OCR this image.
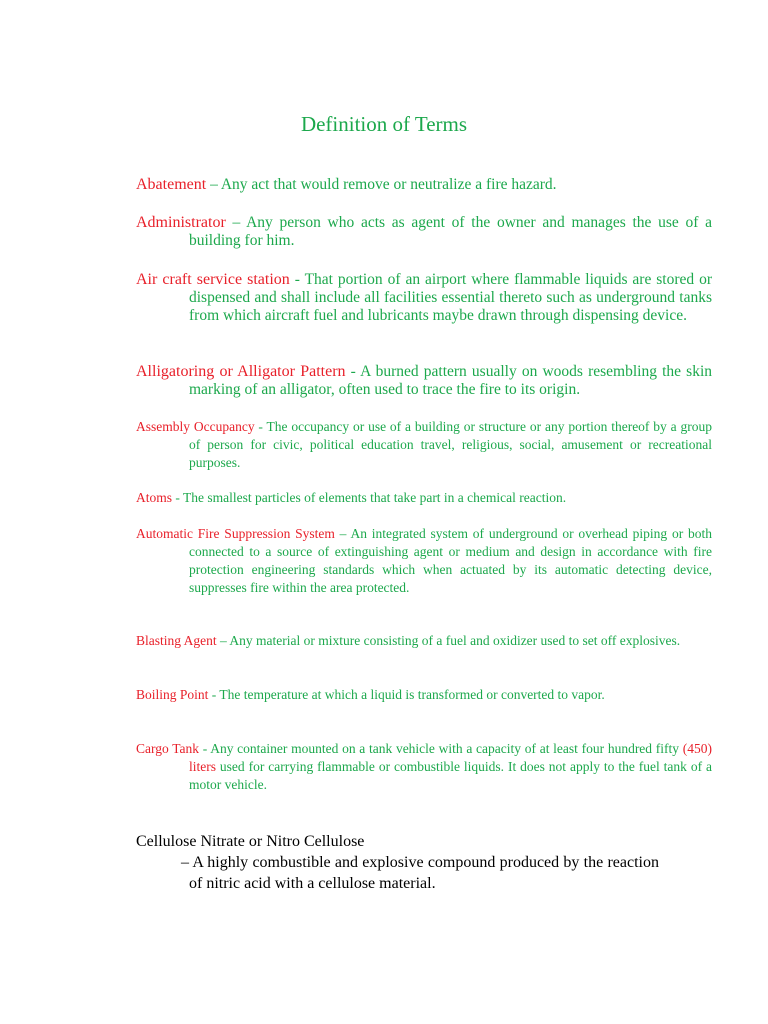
Definition of Terms

Abatement – Any act that would remove or neutralize a fire hazard.

Administrator – Any person who acts as agent of the owner and manages the use of a building for him.

Air craft service station - That portion of an airport where flammable liquids are stored or dispensed and shall include all facilities essential thereto such as underground tanks from which aircraft fuel and lubricants maybe drawn through dispensing device.

Alligatoring or Alligator Pattern - A burned pattern usually on woods resembling the skin marking of an alligator, often used to trace the fire to its origin.

Assembly Occupancy - The occupancy or use of a building or structure or any portion thereof by a group of person for civic, political education travel, religious, social, amusement or recreational purposes.

Atoms - The smallest particles of elements that take part in a chemical reaction.

Automatic Fire Suppression System – An integrated system of underground or overhead piping or both connected to a source of extinguishing agent or medium and design in accordance with fire protection engineering standards which when actuated by its automatic detecting device, suppresses fire within the area protected.

Blasting Agent – Any material or mixture consisting of a fuel and oxidizer used to set off explosives.

Boiling Point - The temperature at which a liquid is transformed or converted to vapor.

Cargo Tank - Any container mounted on a tank vehicle with a capacity of at least four hundred fifty (450) liters used for carrying flammable or combustible liquids. It does not apply to the fuel tank of a motor vehicle.

Cellulose Nitrate or Nitro Cellulose
– A highly combustible and explosive compound produced by the reaction of nitric acid with a cellulose material.
